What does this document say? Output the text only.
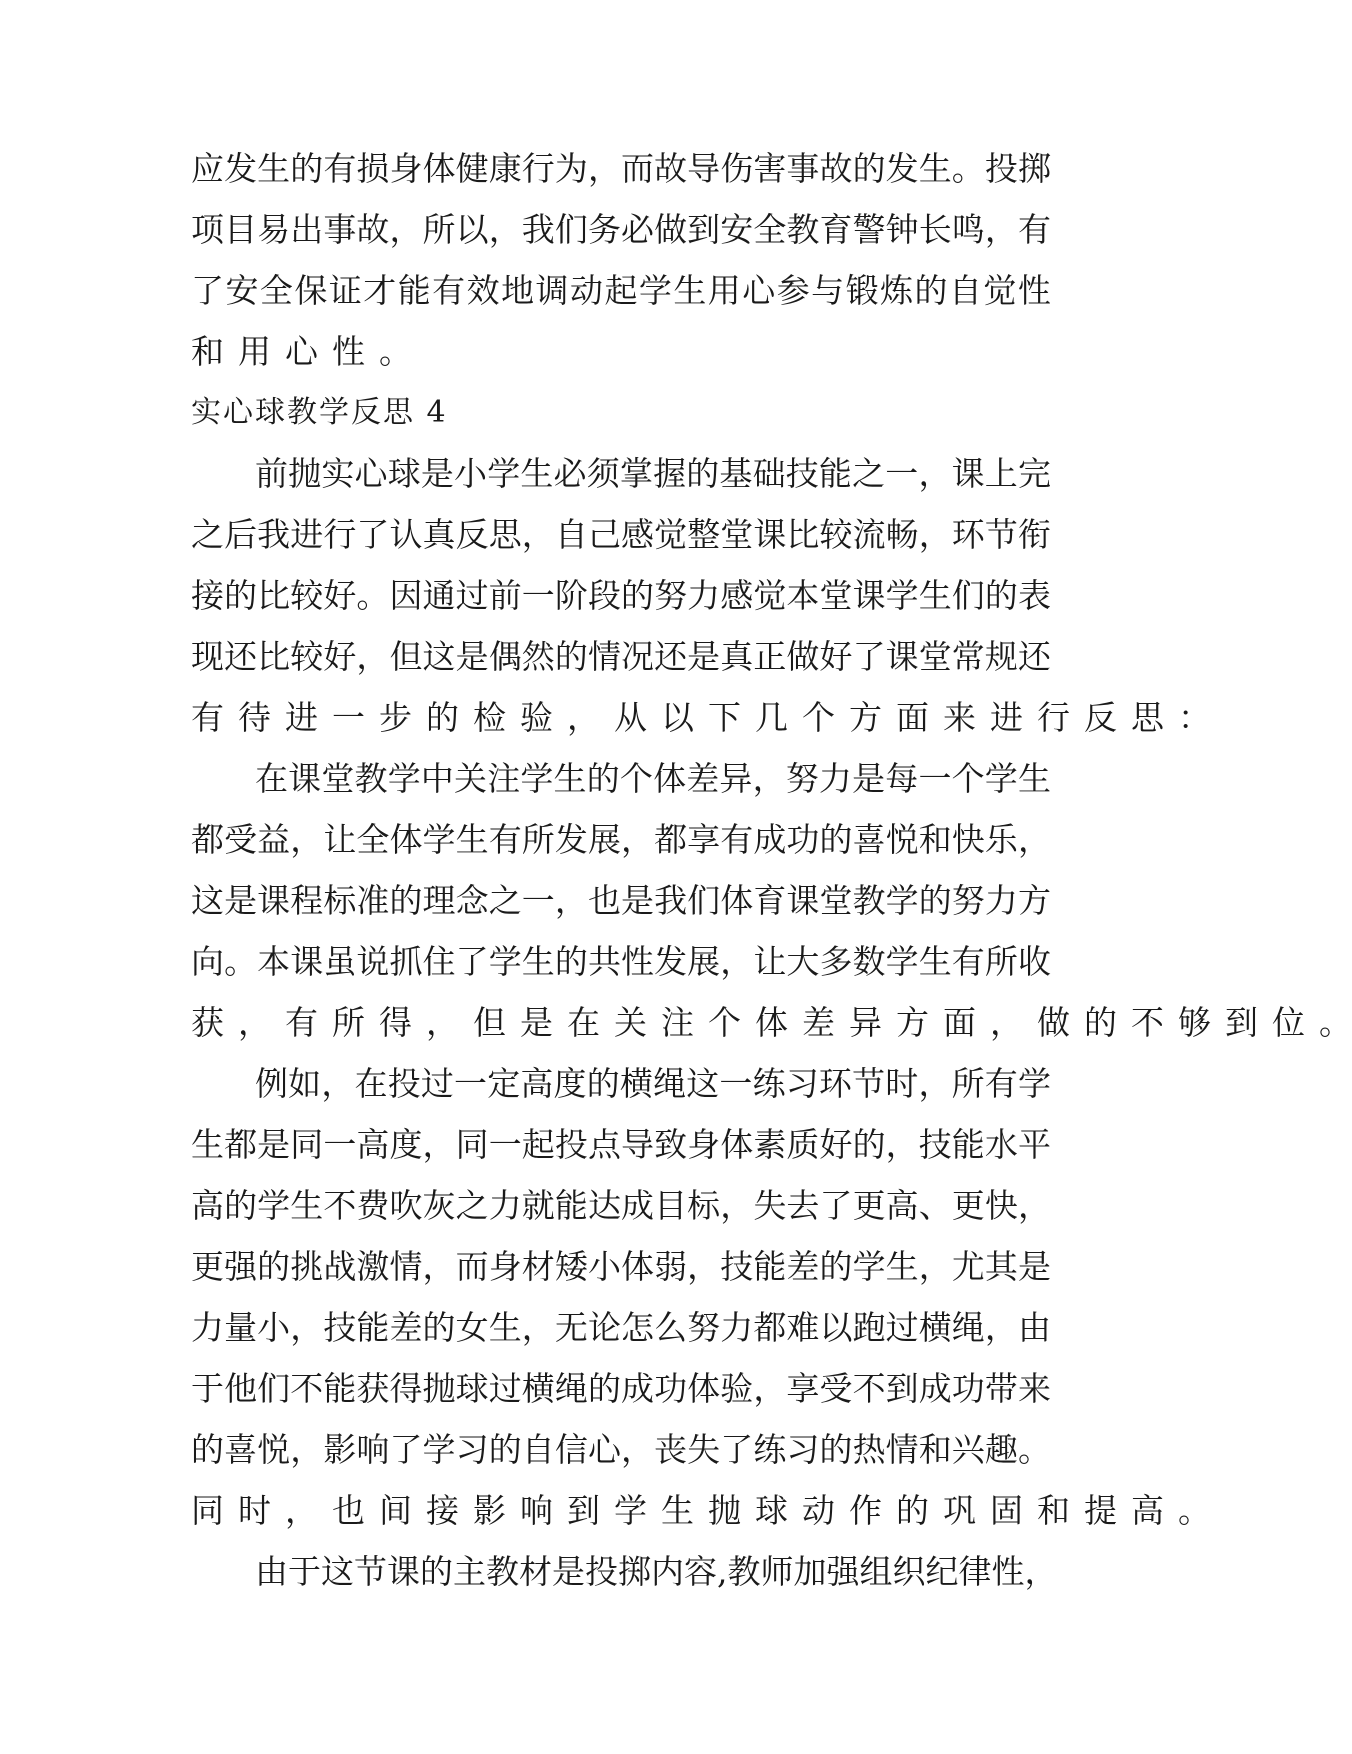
应 发 生 的 有 损 身 体 健 康 行 为 ， 而 故 导 伤 害 事 故 的 发 生 。 投 掷
项 目 易 出 事 故 ， 所 以 ， 我 们 务 必 做 到 安 全 教 育 警 钟 长 鸣 ， 有
了 安 全 保 证 才 能 有 效 地 调 动 起 学 生 用 心 参 与 锻 炼 的 自 觉 性
和 用 心 性 。
实心球教学反思 4
前 抛 实 心 球 是 小 学 生 必 须 掌 握 的 基 础 技 能 之 一 ， 课 上 完
之 后 我 进 行 了 认 真 反 思 ， 自 己 感 觉 整 堂 课 比 较 流 畅 ， 环 节 衔
接 的 比 较 好 。 因 通 过 前 一 阶 段 的 努 力 感 觉 本 堂 课 学 生 们 的 表
现 还 比 较 好 ， 但 这 是 偶 然 的 情 况 还 是 真 正 做 好 了 课 堂 常 规 还
有 待 进 一 步 的 检 验 ， 从 以 下 几 个 方 面 来 进 行 反 思 ：
在 课 堂 教 学 中 关 注 学 生 的 个 体 差 异 ， 努 力 是 每 一 个 学 生
都 受 益 ， 让 全 体 学 生 有 所 发 展 ， 都 享 有 成 功 的 喜 悦 和 快 乐 ，
这 是 课 程 标 准 的 理 念 之 一 ， 也 是 我 们 体 育 课 堂 教 学 的 努 力 方
向 。 本 课 虽 说 抓 住 了 学 生 的 共 性 发 展 ， 让 大 多 数 学 生 有 所 收
获 ， 有 所 得 ， 但 是 在 关 注 个 体 差 异 方 面 ， 做 的 不 够 到 位 。
例 如 ， 在 投 过 一 定 高 度 的 横 绳 这 一 练 习 环 节 时 ， 所 有 学
生 都 是 同 一 高 度 ， 同 一 起 投 点 导 致 身 体 素 质 好 的 ， 技 能 水 平
高 的 学 生 不 费 吹 灰 之 力 就 能 达 成 目 标 ， 失 去 了 更 高 、 更 快 ，
更 强 的 挑 战 激 情 ， 而 身 材 矮 小 体 弱 ， 技 能 差 的 学 生 ， 尤 其 是
力 量 小 ， 技 能 差 的 女 生 ， 无 论 怎 么 努 力 都 难 以 跑 过 横 绳 ， 由
于 他 们 不 能 获 得 抛 球 过 横 绳 的 成 功 体 验 ， 享 受 不 到 成 功 带 来
的 喜 悦 ， 影 响 了 学 习 的 自 信 心 ， 丧 失 了 练 习 的 热 情 和 兴 趣 。
同 时 ， 也 间 接 影 响 到 学 生 抛 球 动 作 的 巩 固 和 提 高 。
由 于 这 节 课 的 主 教 材 是 投 掷 内 容 , 教 师 加 强 组 织 纪 律 性 ，
